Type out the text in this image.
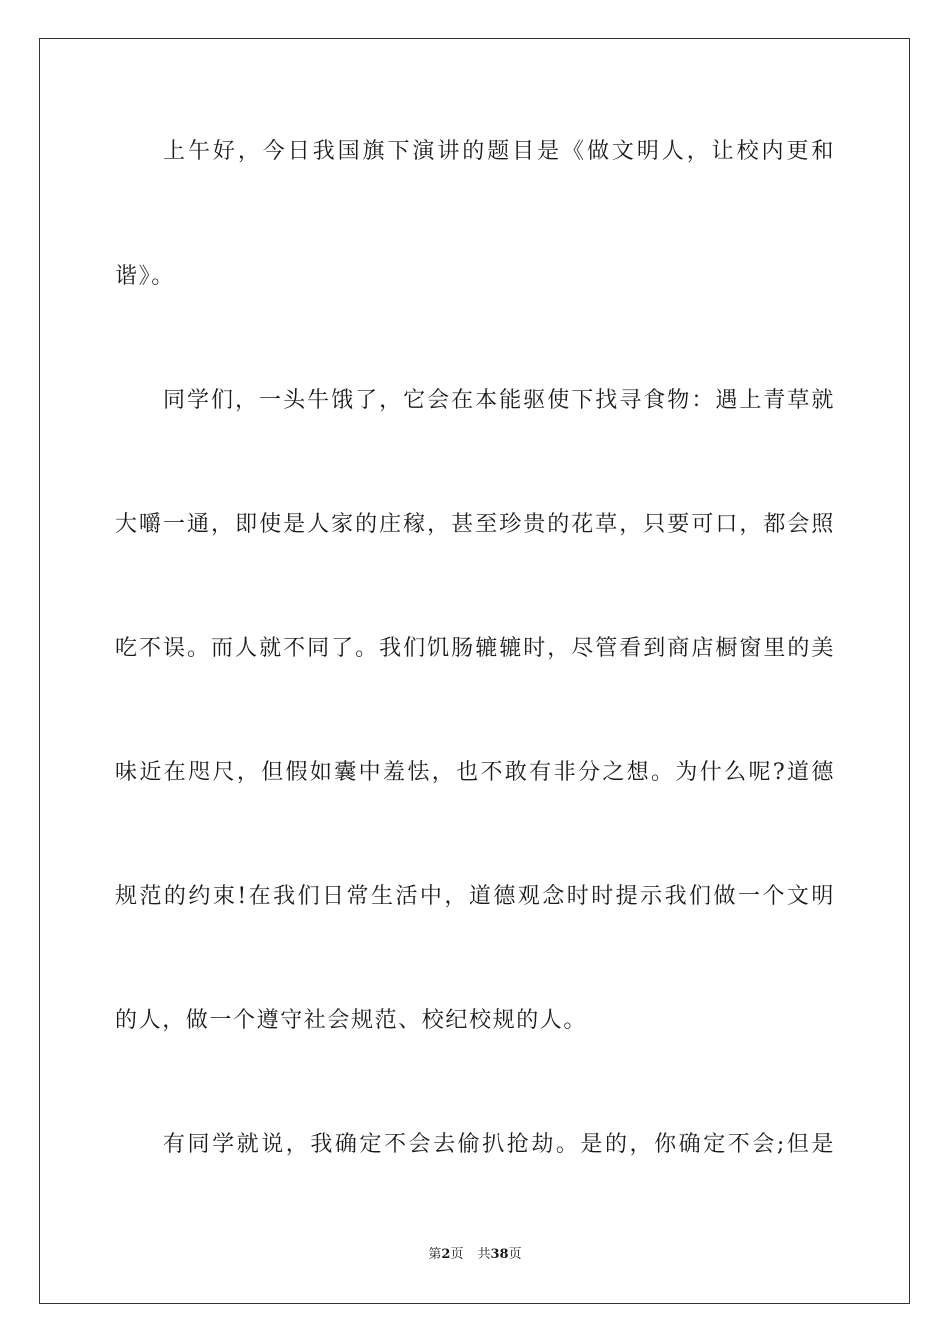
上午好，今日我国旗下演讲的题目是《做文明人，让校内更和
谐》。
同学们，一头牛饿了，它会在本能驱使下找寻食物：遇上青草就
大嚼一通，即使是人家的庄稼，甚至珍贵的花草，只要可口，都会照
吃不误。而人就不同了。我们饥肠辘辘时，尽管看到商店橱窗里的美
味近在咫尺，但假如囊中羞怯，也不敢有非分之想。为什么呢?道德
规范的约束!在我们日常生活中，道德观念时时提示我们做一个文明
的人，做一个遵守社会规范、校纪校规的人。
有同学就说，我确定不会去偷扒抢劫。是的，你确定不会;但是
第2页 共38页
